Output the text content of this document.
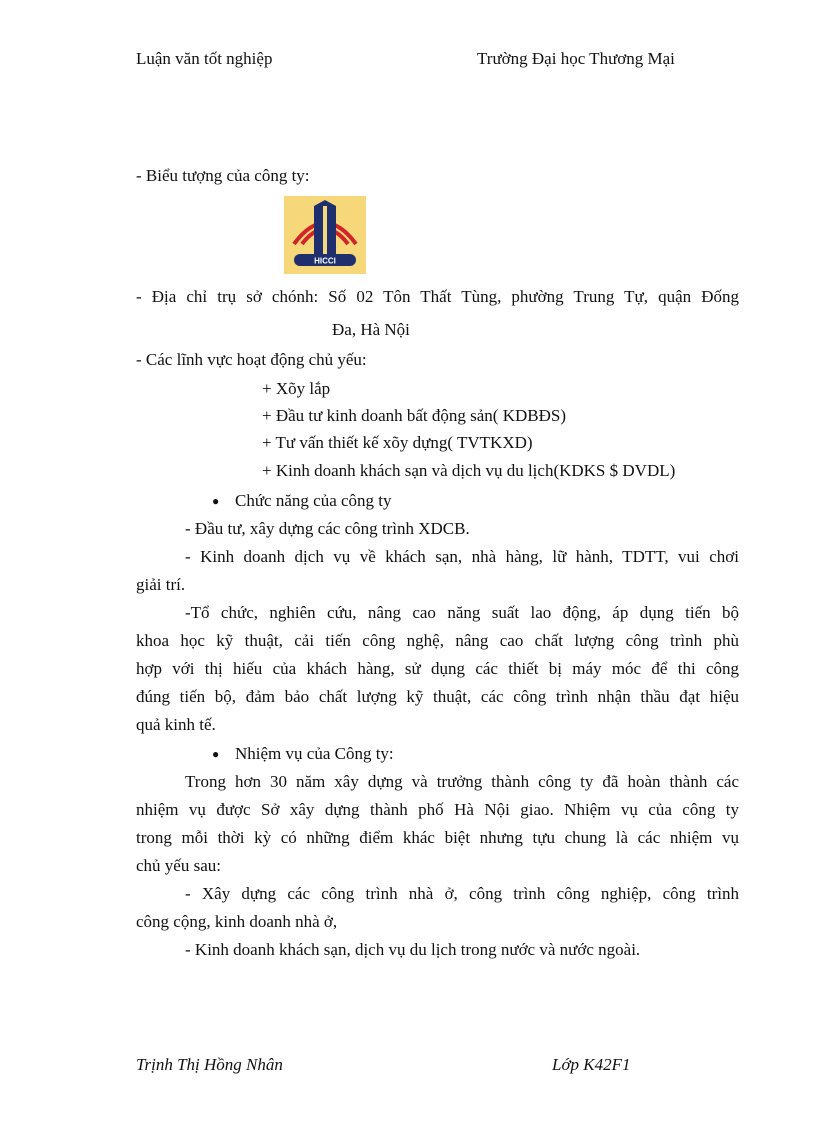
Luận văn tốt nghiệp	Trường Đại học Thương Mại
- Biểu tượng của công ty:
HICCI
- Địa chỉ trụ sở chónh: Số 02 Tôn Thất Tùng, phường Trung Tự, quận Đống
Đa, Hà Nội
- Các lĩnh vực hoạt động chủ yếu:
+ Xõy lắp
+ Đầu tư kinh doanh bất động sản( KDBĐS)
+ Tư vấn thiết kế xõy dựng( TVTKXD)
+ Kinh doanh khách sạn và dịch vụ du lịch(KDKS $ DVDL)
● Chức năng của công ty
- Đầu tư, xây dựng các công trình XDCB.
- Kinh doanh dịch vụ về khách sạn, nhà hàng, lữ hành, TDTT, vui chơi
giải trí.
-Tổ chức, nghiên cứu, nâng cao năng suất lao động, áp dụng tiến bộ
khoa học kỹ thuật, cải tiến công nghệ, nâng cao chất lượng công trình phù
hợp với thị hiếu của khách hàng, sử dụng các thiết bị máy móc để thi công
đúng tiến bộ, đảm bảo chất lượng kỹ thuật, các công trình nhận thầu đạt hiệu
quả kinh tế.
● Nhiệm vụ của Công ty:
Trong hơn 30 năm xây dựng và trưởng thành công ty đã hoàn thành các
nhiệm vụ được Sở xây dựng thành phố Hà Nội giao. Nhiệm vụ của công ty
trong mỗi thời kỳ có những điểm khác biệt nhưng tựu chung là các nhiệm vụ
chủ yếu sau:
- Xây dựng các công trình nhà ở, công trình công nghiệp, công trình
công cộng, kinh doanh nhà ở,
- Kinh doanh khách sạn, dịch vụ du lịch trong nước và nước ngoài.
Trịnh Thị Hồng Nhân	Lớp K42F1
